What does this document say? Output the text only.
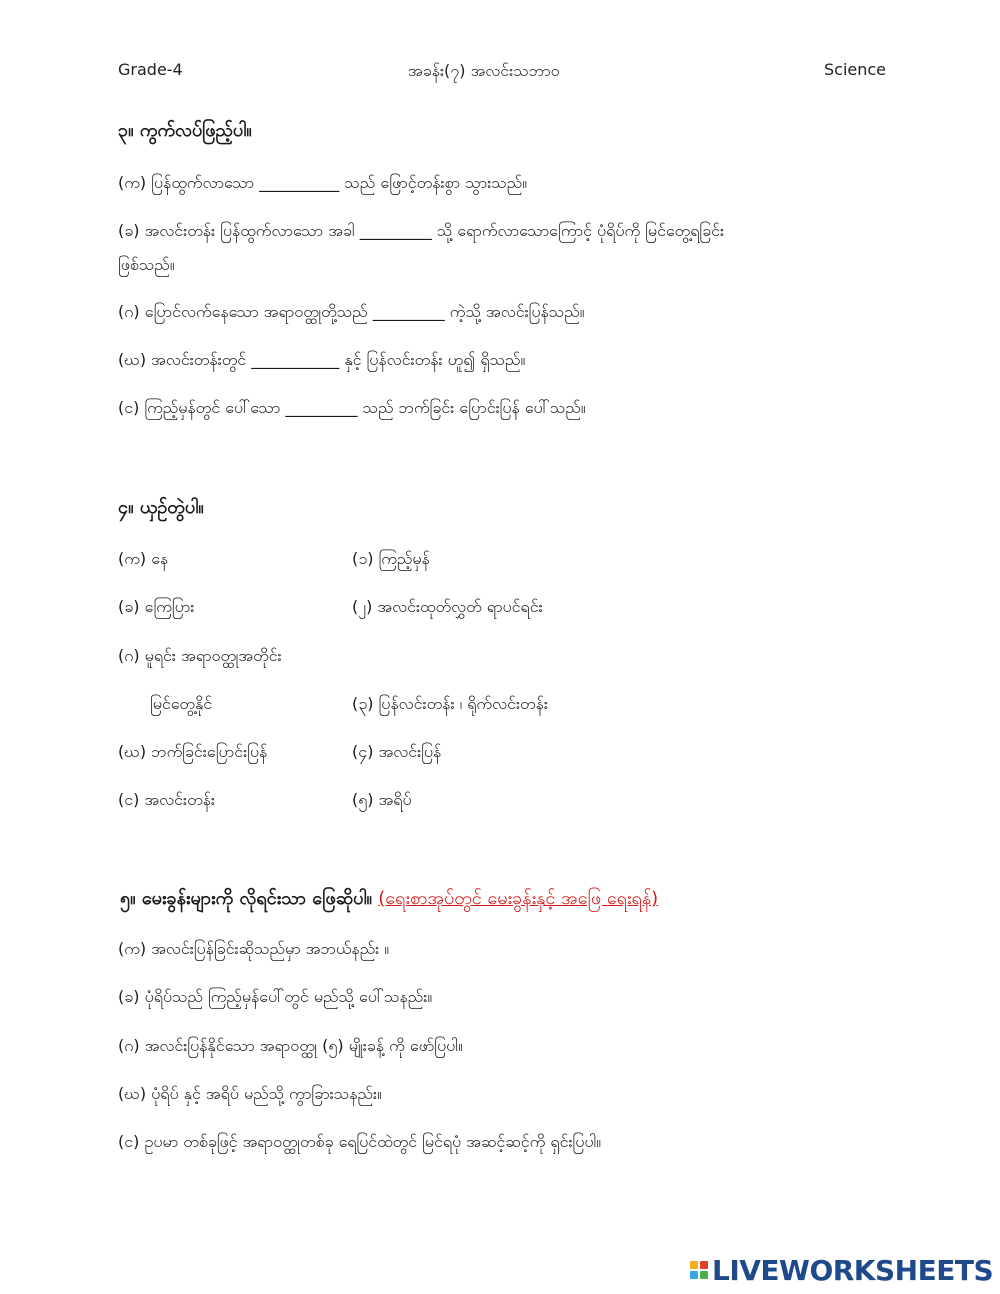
Grade-4	အခန်း(၇) အလင်းသဘာဝ	Science
၃။ ကွက်လပ်ဖြည့်ပါ။
(က) ပြန်ထွက်လာသော __________ သည် ဖြောင့်တန်းစွာ သွားသည်။
(ခ) အလင်းတန်း ပြန်ထွက်လာသော အခါ _________ သို့ ရောက်လာသောကြောင့် ပုံရိပ်ကို မြင်တွေ့ရခြင်း
ဖြစ်သည်။
(ဂ) ပြောင်လက်နေသော အရာဝတ္ထုတို့သည် _________ ကဲ့သို့ အလင်းပြန်သည်။
(ဃ) အလင်းတန်းတွင် ___________ နှင့် ပြန်လင်းတန်း ဟူ၍ ရှိသည်။
(င) ကြည့်မှန်တွင် ပေါ်သော _________ သည် ဘက်ခြင်း ပြောင်းပြန် ပေါ်သည်။
၄။ ယှဉ်တွဲပါ။
(က) နေ	(၁) ကြည့်မှန်
(ခ) ကြေပြား	(၂) အလင်းထုတ်လွှတ် ရာပင်ရင်း
(ဂ) မူရင်း အရာဝတ္ထုအတိုင်း
မြင်တွေ့နိုင်	(၃) ပြန်လင်းတန်း ၊ ရိုက်လင်းတန်း
(ဃ) ဘက်ခြင်းပြောင်းပြန်	(၄) အလင်းပြန်
(င) အလင်းတန်း	(၅) အရိပ်
၅။ မေးခွန်းများကို လိုရင်းသာ ဖြေဆိုပါ။ (ရေးစာအုပ်တွင် မေးခွန်းနှင့် အဖြေ ရေးရန်)
(က) အလင်းပြန်ခြင်းဆိုသည်မှာ အဘယ်နည်း ။
(ခ) ပုံရိပ်သည် ကြည့်မှန်ပေါ်တွင် မည်သို့ ပေါ်သနည်း။
(ဂ) အလင်းပြန်နိုင်သော အရာဝတ္ထု (၅) မျိုးခန့် ကို ဖော်ပြပါ။
(ဃ) ပုံရိပ် နှင့် အရိပ် မည်သို့ ကွာခြားသနည်း။
(င) ဥပမာ တစ်ခုဖြင့် အရာဝတ္ထုတစ်ခု ရေပြင်ထဲတွင် မြင်ရပုံ အဆင့်ဆင့်ကို ရှင်းပြပါ။
LIVEWORKSHEETS
